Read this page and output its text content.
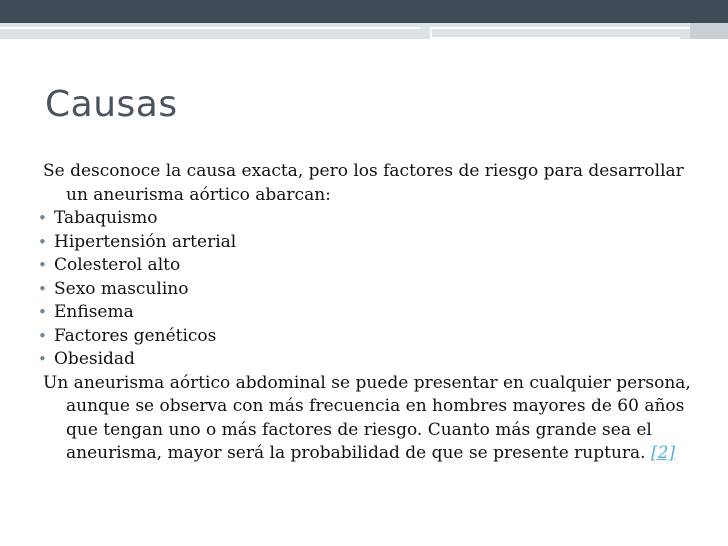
Causas

Se desconoce la causa exacta, pero los factores de riesgo para desarrollar un aneurisma aórtico abarcan:

• Tabaquismo
• Hipertensión arterial
• Colesterol alto
• Sexo masculino
• Enfisema
• Factores genéticos
• Obesidad

Un aneurisma aórtico abdominal se puede presentar en cualquier persona, aunque se observa con más frecuencia en hombres mayores de 60 años que tengan uno o más factores de riesgo. Cuanto más grande sea el aneurisma, mayor será la probabilidad de que se presente ruptura. [2]
